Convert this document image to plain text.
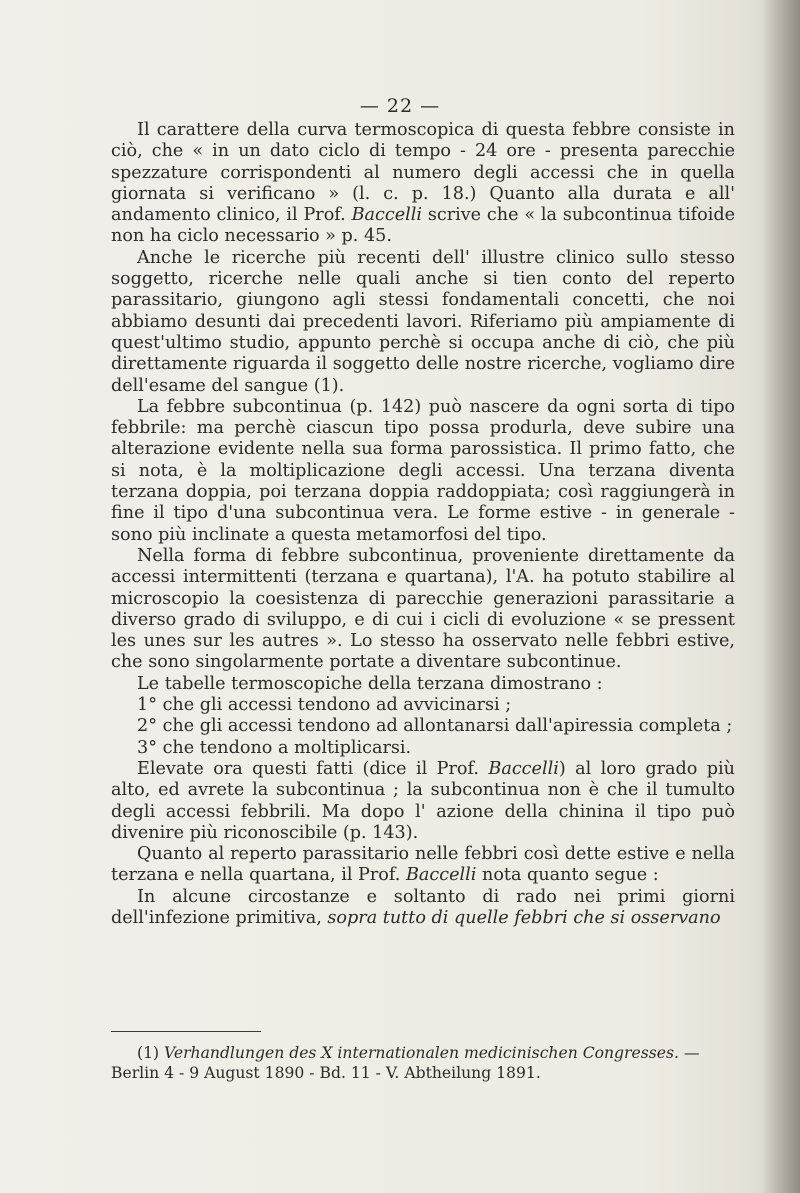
— 22 —

Il carattere della curva termoscopica di questa febbre consiste in ciò, che « in un dato ciclo di tempo - 24 ore - presenta parecchie spezzature corrispondenti al numero degli accessi che in quella giornata si verificano » (l. c. p. 18.) Quanto alla durata e all' andamento clinico, il Prof. Baccelli scrive che « la subcontinua tifoide non ha ciclo necessario » p. 45.

Anche le ricerche più recenti dell' illustre clinico sullo stesso soggetto, ricerche nelle quali anche si tien conto del reperto parassitario, giungono agli stessi fondamentali concetti, che noi abbiamo desunti dai precedenti lavori. Riferiamo più ampiamente di quest'ultimo studio, appunto perchè si occupa anche di ciò, che più direttamente riguarda il soggetto delle nostre ricerche, vogliamo dire dell'esame del sangue (1).

La febbre subcontinua (p. 142) può nascere da ogni sorta di tipo febbrile: ma perchè ciascun tipo possa produrla, deve subire una alterazione evidente nella sua forma parossistica. Il primo fatto, che si nota, è la moltiplicazione degli accessi. Una terzana diventa terzana doppia, poi terzana doppia raddoppiata; così raggiungerà in fine il tipo d'una subcontinua vera. Le forme estive - in generale - sono più inclinate a questa metamorfosi del tipo.

Nella forma di febbre subcontinua, proveniente direttamente da accessi intermittenti (terzana e quartana), l'A. ha potuto stabilire al microscopio la coesistenza di parecchie generazioni parassitarie a diverso grado di sviluppo, e di cui i cicli di evoluzione « se pressent les unes sur les autres ». Lo stesso ha osservato nelle febbri estive, che sono singolarmente portate a diventare subcontinue.

Le tabelle termoscopiche della terzana dimostrano :

1° che gli accessi tendono ad avvicinarsi ;

2° che gli accessi tendono ad allontanarsi dall'apiressia completa ;

3° che tendono a moltiplicarsi.

Elevate ora questi fatti (dice il Prof. Baccelli) al loro grado più alto, ed avrete la subcontinua ; la subcontinua non è che il tumulto degli accessi febbrili. Ma dopo l' azione della chinina il tipo può divenire più riconoscibile (p. 143).

Quanto al reperto parassitario nelle febbri così dette estive e nella terzana e nella quartana, il Prof. Baccelli nota quanto segue :

In alcune circostanze e soltanto di rado nei primi giorni dell'infezione primitiva, sopra tutto di quelle febbri che si osservano

(1) Verhandlungen des X internationalen medicinischen Congresses. —

Berlin 4 - 9 August 1890 - Bd. 11 - V. Abtheilung 1891.
